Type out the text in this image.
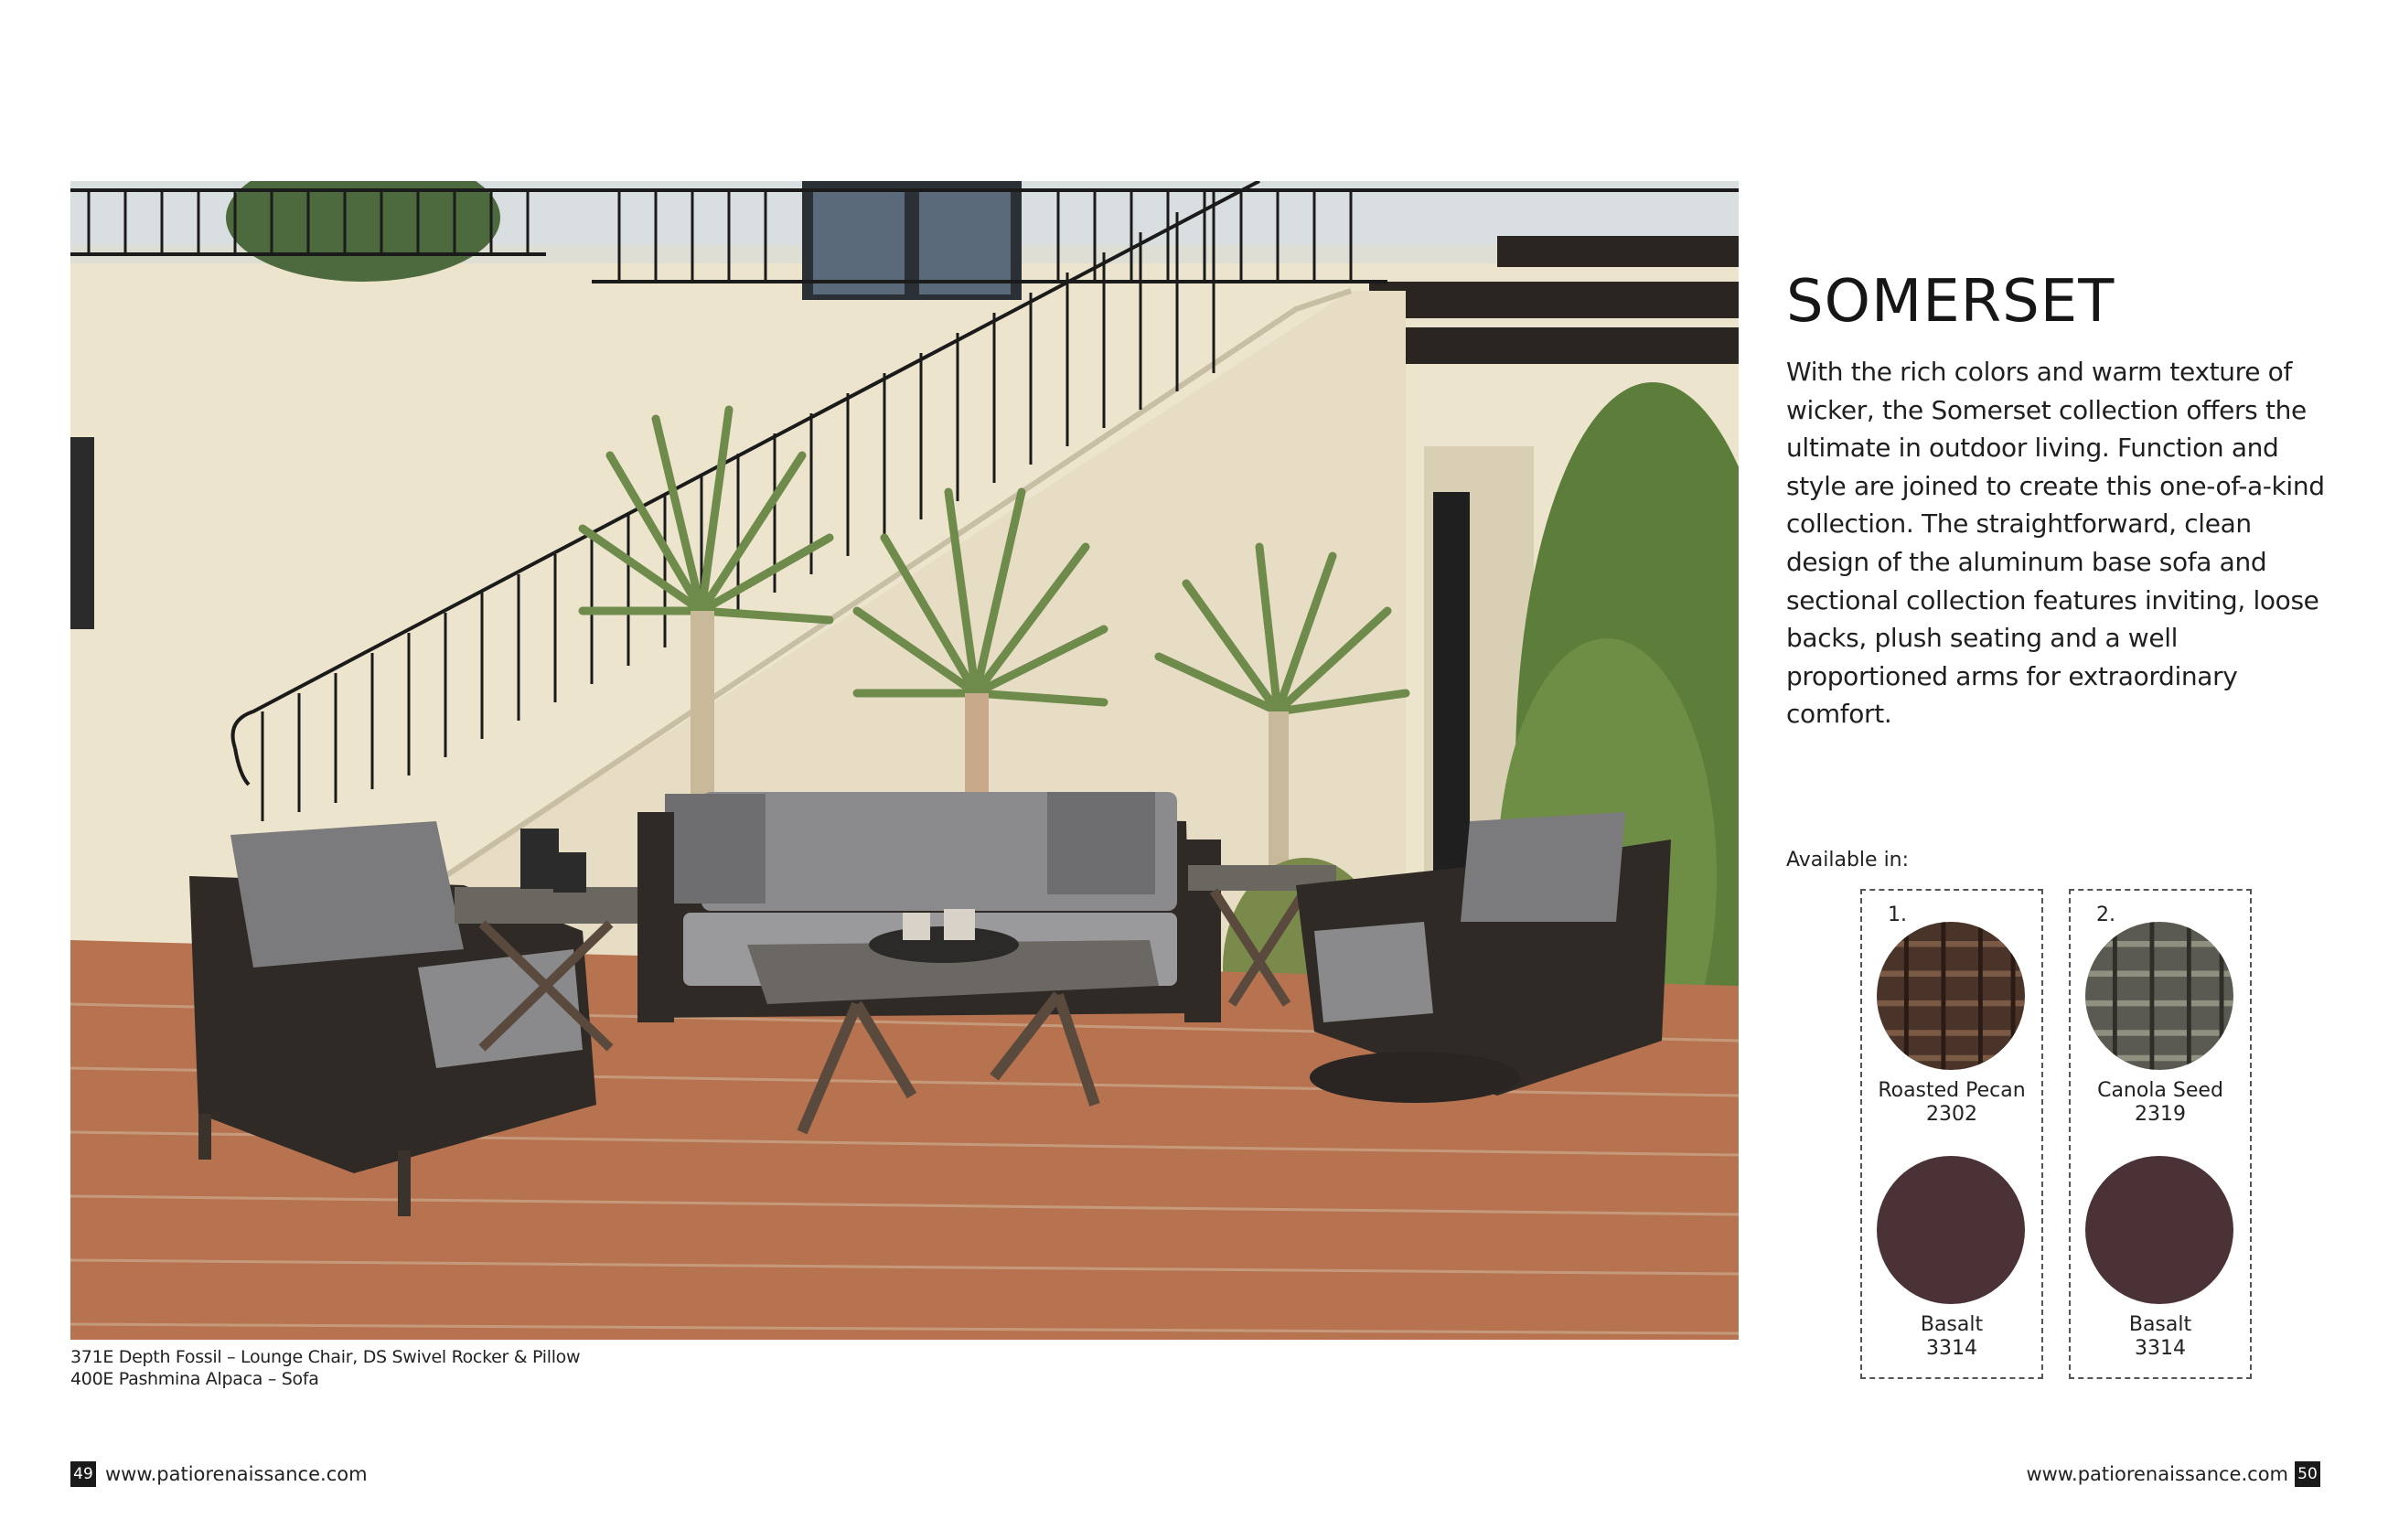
371E Depth Fossil – Lounge Chair, DS Swivel Rocker & Pillow
400E Pashmina Alpaca – Sofa
SOMERSET

With the rich colors and warm texture of wicker, the Somerset collection offers the ultimate in outdoor living. Function and style are joined to create this one-of-a-kind collection. The straightforward, clean design of the aluminum base sofa and sectional collection features inviting, loose backs, plush seating and a well proportioned arms for extraordinary comfort.

Available in:
1.
Roasted Pecan
2302
Basalt
3314
2.
Canola Seed
2319
Basalt
3314
49 www.patiorenaissance.com	www.patiorenaissance.com 50
